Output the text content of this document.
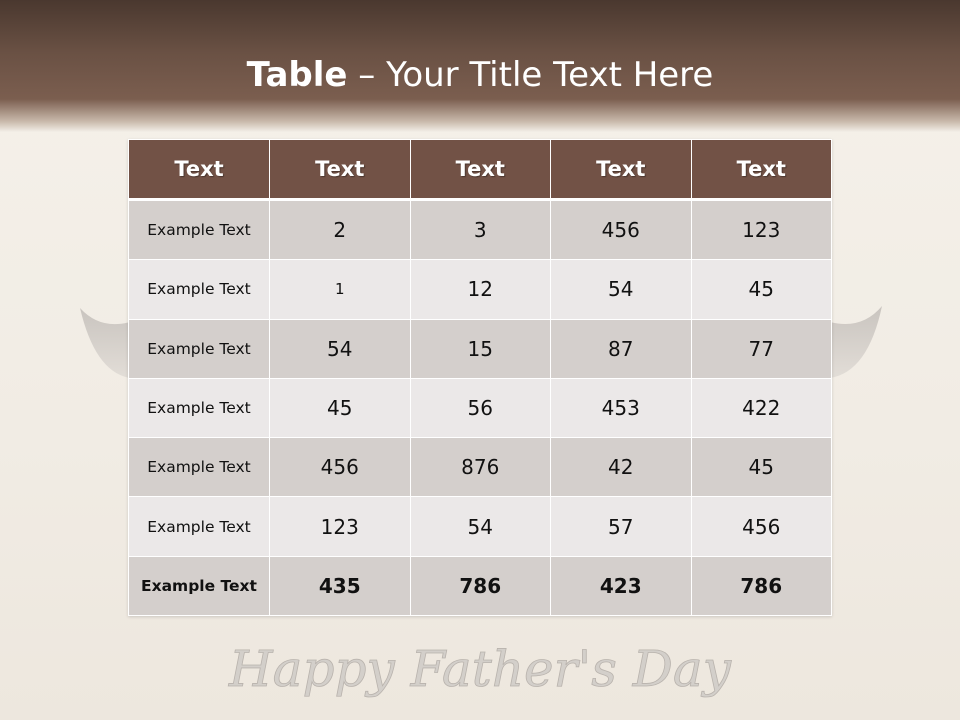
Table – Your Title Text Here
Text	Text	Text	Text	Text
Example Text	2	3	456	123
Example Text	1	12	54	45
Example Text	54	15	87	77
Example Text	45	56	453	422
Example Text	456	876	42	45
Example Text	123	54	57	456
Example Text	435	786	423	786
Happy Father's Day
